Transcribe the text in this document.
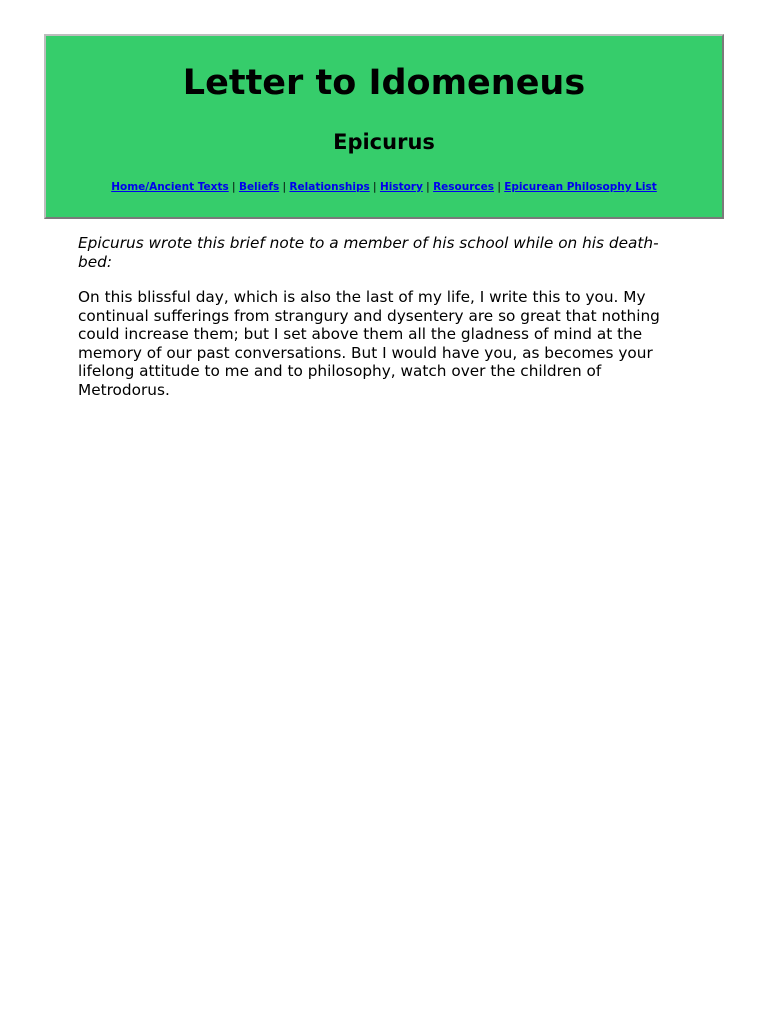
Letter to Idomeneus
Epicurus
Home/Ancient Texts | Beliefs | Relationships | History | Resources | Epicurean Philosophy List

Epicurus wrote this brief note to a member of his school while on his death-bed:

On this blissful day, which is also the last of my life, I write this to you. My continual sufferings from strangury and dysentery are so great that nothing could increase them; but I set above them all the gladness of mind at the memory of our past conversations. But I would have you, as becomes your lifelong attitude to me and to philosophy, watch over the children of Metrodorus.
